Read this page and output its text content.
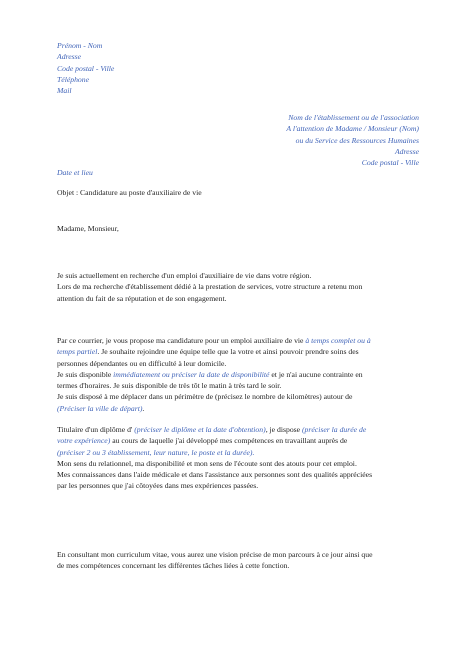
Prénom - Nom
Adresse
Code postal - Ville
Téléphone
Mail
Nom de l'établissement ou de l'association
A l'attention de Madame / Monsieur (Nom)
ou du Service des Ressources Humaines
Adresse
Code postal - Ville
Date et lieu
Objet : Candidature au poste d'auxiliaire de vie
Madame, Monsieur,
Je suis actuellement en recherche d'un emploi d'auxiliaire de vie dans votre région.
Lors de ma recherche d'établissement dédié à la prestation de services, votre structure a retenu mon
attention du fait de sa réputation et de son engagement.
Par ce courrier, je vous propose ma candidature pour un emploi auxiliaire de vie à temps complet ou à
temps partiel. Je souhaite rejoindre une équipe telle que la votre et ainsi pouvoir prendre soins des
personnes dépendantes ou en difficulté à leur domicile.
Je suis disponible immédiatement ou préciser la date de disponibilité et je n'ai aucune contrainte en
termes d'horaires. Je suis disponible de très tôt le matin à très tard le soir.
Je suis disposé à me déplacer dans un périmètre de (précisez le nombre de kilomètres) autour de
(Préciser la ville de départ).
Titulaire d'un diplôme d' (préciser le diplôme et la date d'obtention), je dispose (préciser la durée de
votre expérience) au cours de laquelle j'ai développé mes compétences en travaillant auprès de
(préciser 2 ou 3 établissement, leur nature, le poste et la durée).
Mon sens du relationnel, ma disponibilité et mon sens de l'écoute sont des atouts pour cet emploi.
Mes connaissances dans l'aide médicale et dans l'assistance aux personnes sont des qualités appréciées
par les personnes que j'ai côtoyées dans mes expériences passées.
En consultant mon curriculum vitae, vous aurez une vision précise de mon parcours à ce jour ainsi que
de mes compétences concernant les différentes tâches liées à cette fonction.
